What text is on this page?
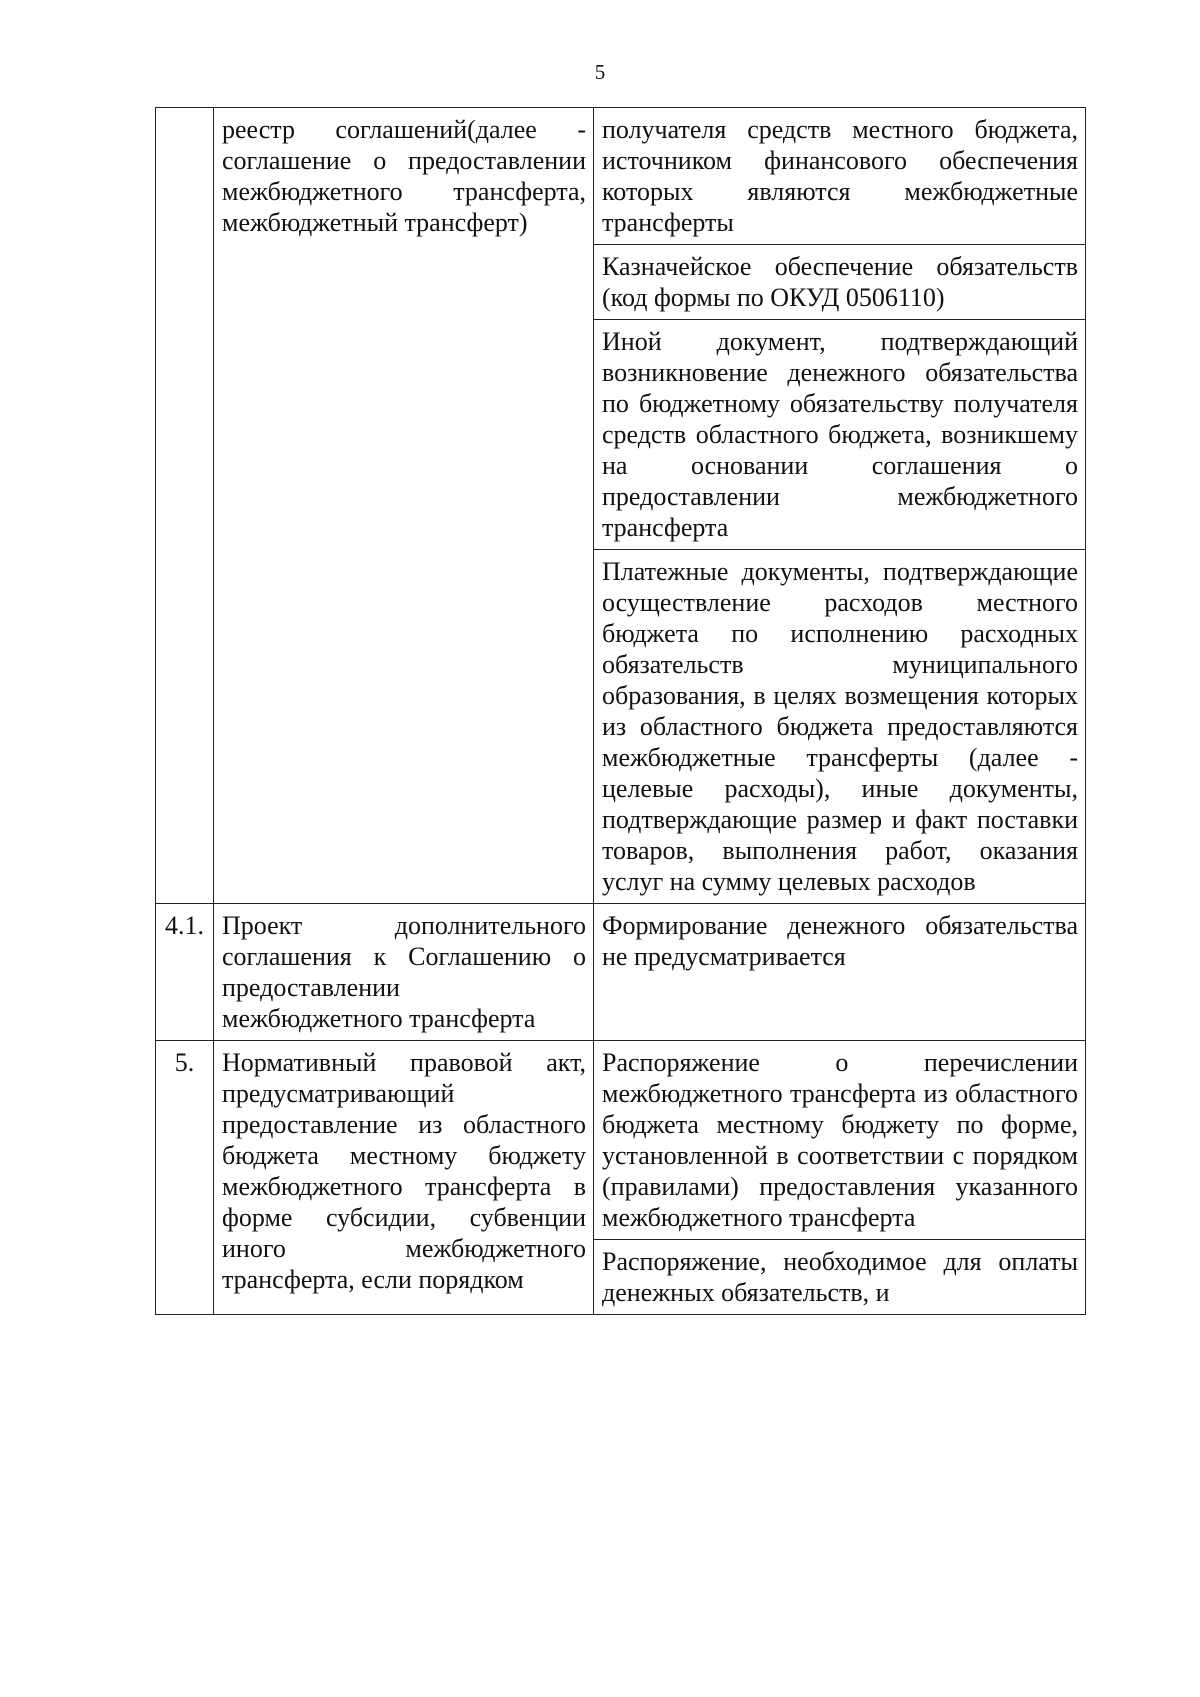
5
	реестр соглашений(далее - соглашение о предоставлении межбюджетного трансферта, межбюджетный трансферт)	получателя средств местного бюджета, источником финансового обеспечения которых являются межбюджетные трансферты
		Казначейское обеспечение обязательств (код формы по ОКУД 0506110)
		Иной документ, подтверждающий возникновение денежного обязательства по бюджетному обязательству получателя средств областного бюджета, возникшему на основании соглашения о предоставлении межбюджетного трансферта
		Платежные документы, подтверждающие осуществление расходов местного бюджета по исполнению расходных обязательств муниципального образования, в целях возмещения которых из областного бюджета предоставляются межбюджетные трансферты (далее - целевые расходы), иные документы, подтверждающие размер и факт поставки товаров, выполнения работ, оказания услуг на сумму целевых расходов
4.1.	Проект дополнительного соглашения к Соглашению о предоставлении межбюджетного трансферта	Формирование денежного обязательства не предусматривается
5.	Нормативный правовой акт, предусматривающий предоставление из областного бюджета местному бюджету межбюджетного трансферта в форме субсидии, субвенции иного межбюджетного трансферта, если порядком	Распоряжение о перечислении межбюджетного трансферта из областного бюджета местному бюджету по форме, установленной в соответствии с порядком (правилами) предоставления указанного межбюджетного трансферта
		Распоряжение, необходимое для оплаты денежных обязательств, и
